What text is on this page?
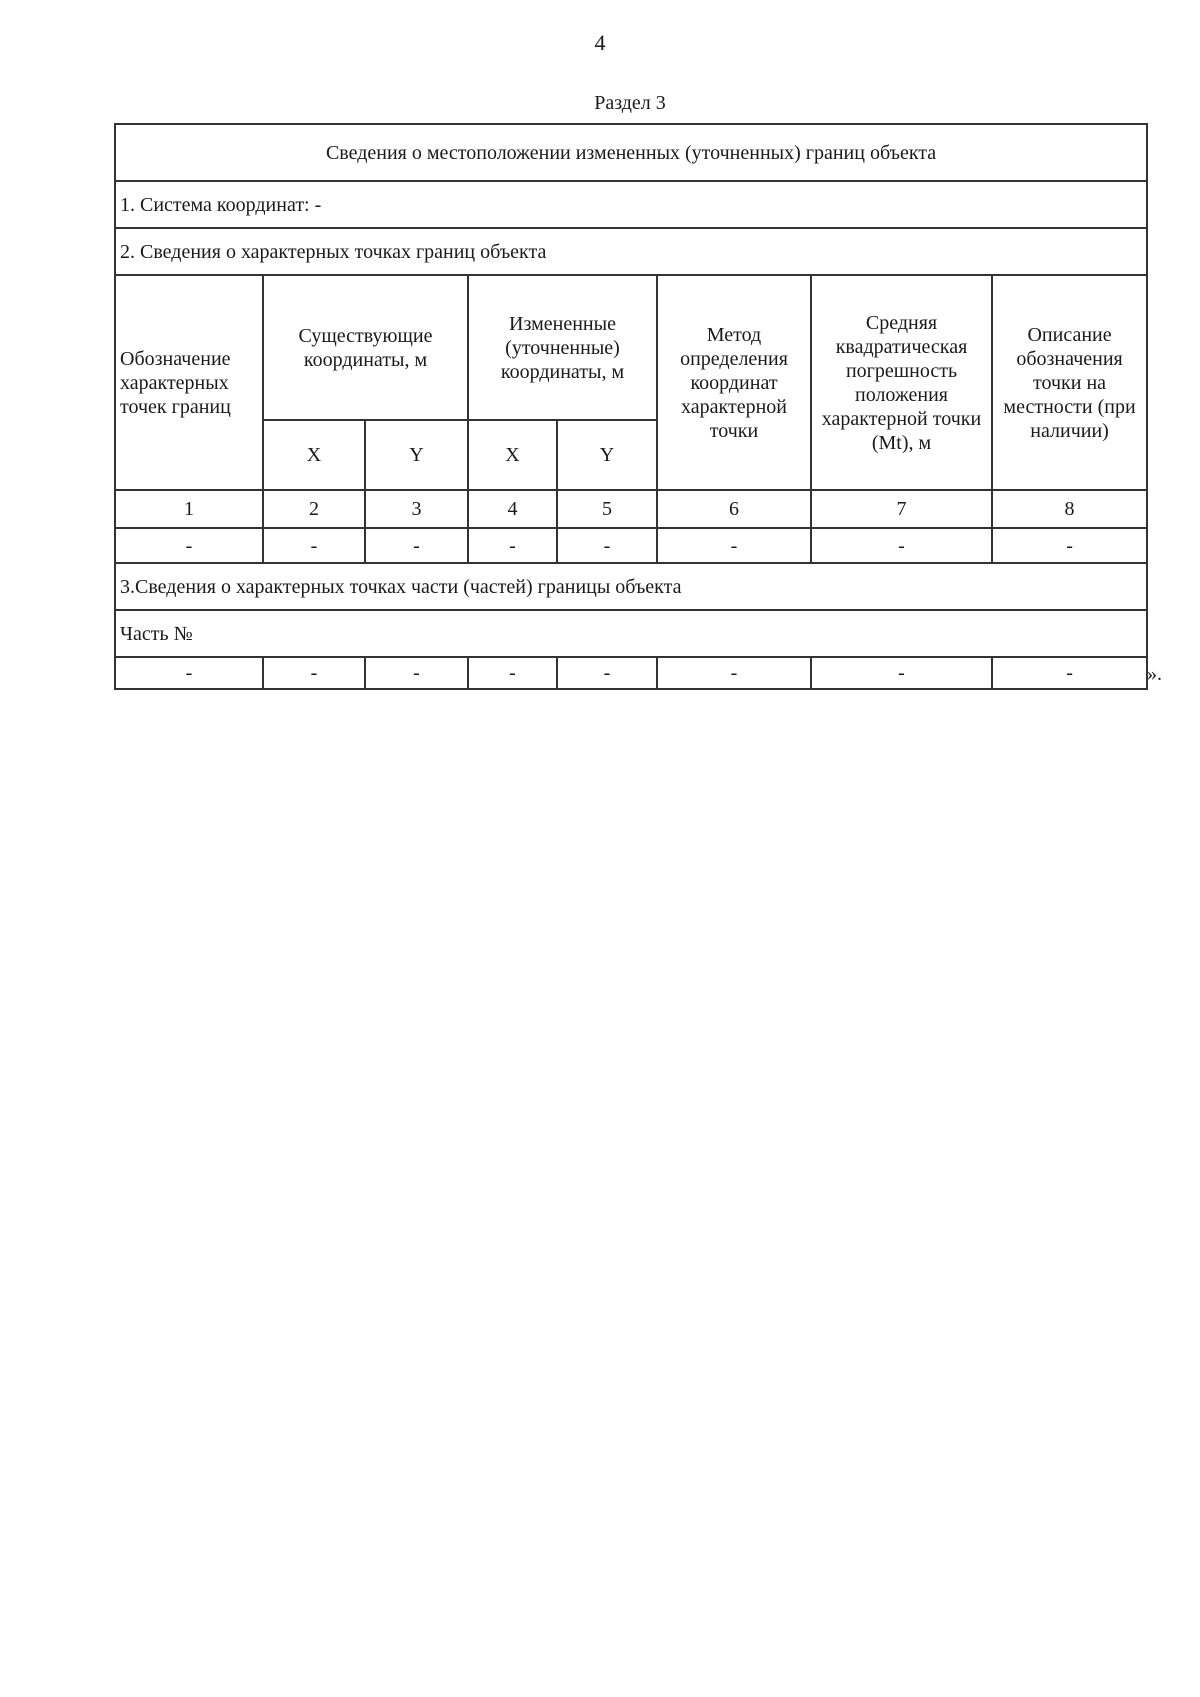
4
Раздел 3
Сведения о местоположении измененных (уточненных) границ объекта							
1. Система координат: -							
2. Сведения о характерных точках границ объекта							
Обозначение характерных точек границ	Существующие координаты, м		Измененные (уточненные) координаты, м		Метод определения координат характерной точки	Средняя квадратическая погрешность положения характерной точки (Mt), м	Описание обозначения точки на местности (при наличии)
	X	Y	X	Y			
1	2	3	4	5	6	7	8
-	-	-	-	-	-	-	-
3.Сведения о характерных точках части (частей) границы объекта							
Часть №							
-	-	-	-	-	-	-	-	».
